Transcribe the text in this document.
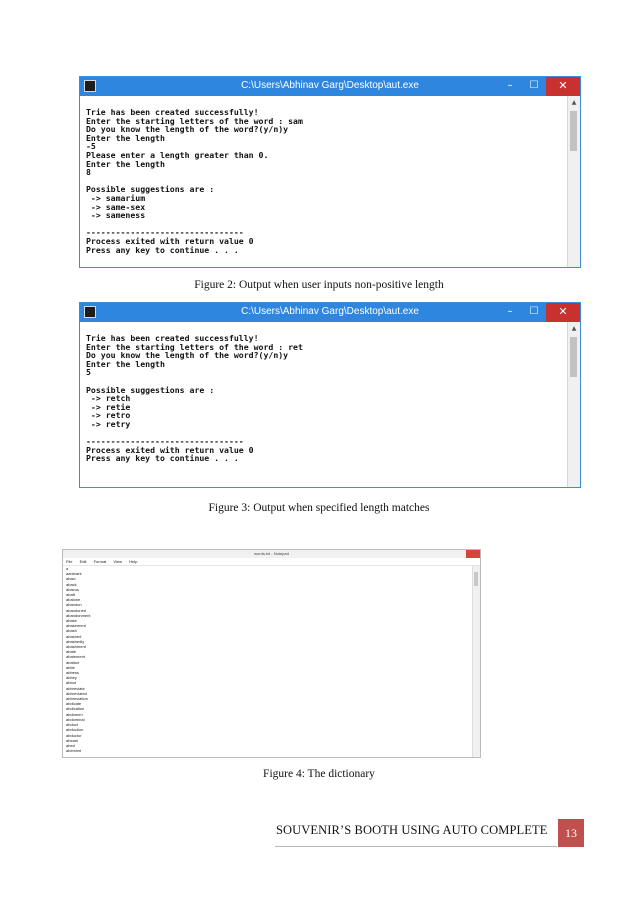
C:\Users\Abhinav Garg\Desktop\aut.exe	–	☐	✕
Trie has been created successfully!
Enter the starting letters of the word : sam
Do you know the length of the word?(y/n)y
Enter the length
-5
Please enter a length greater than 0.
Enter the length
8

Possible suggestions are :
-> samarium
-> same-sex
-> sameness

--------------------------------
Process exited with return value 0
Press any key to continue . . .
▲
Figure 2: Output when user inputs non-positive length
C:\Users\Abhinav Garg\Desktop\aut.exe	–	☐	✕
Trie has been created successfully!
Enter the starting letters of the word : ret
Do you know the length of the word?(y/n)y
Enter the length
5

Possible suggestions are :
-> retch
-> retie
-> retro
-> retry

--------------------------------
Process exited with return value 0
Press any key to continue . . .
▲
Figure 3: Output when specified length matches
words.txt - Notepad
File Edit Format View Help
a
aardvark
abaci
aback
abacus
abaft
abalone
abandon
abandoned
abandonment
abase
abasement
abash
abashed
abashedly
abashment
abate
abatement
abattoir
abbe
abbess
abbey
abbot
abbreviate
abbreviated
abbreviation
abdicate
abdication
abdomen
abdominal
abduct
abduction
abductor
abeam
abed
aberrant
Figure 4: The dictionary
SOUVENIR’S BOOTH USING AUTO COMPLETE	13
